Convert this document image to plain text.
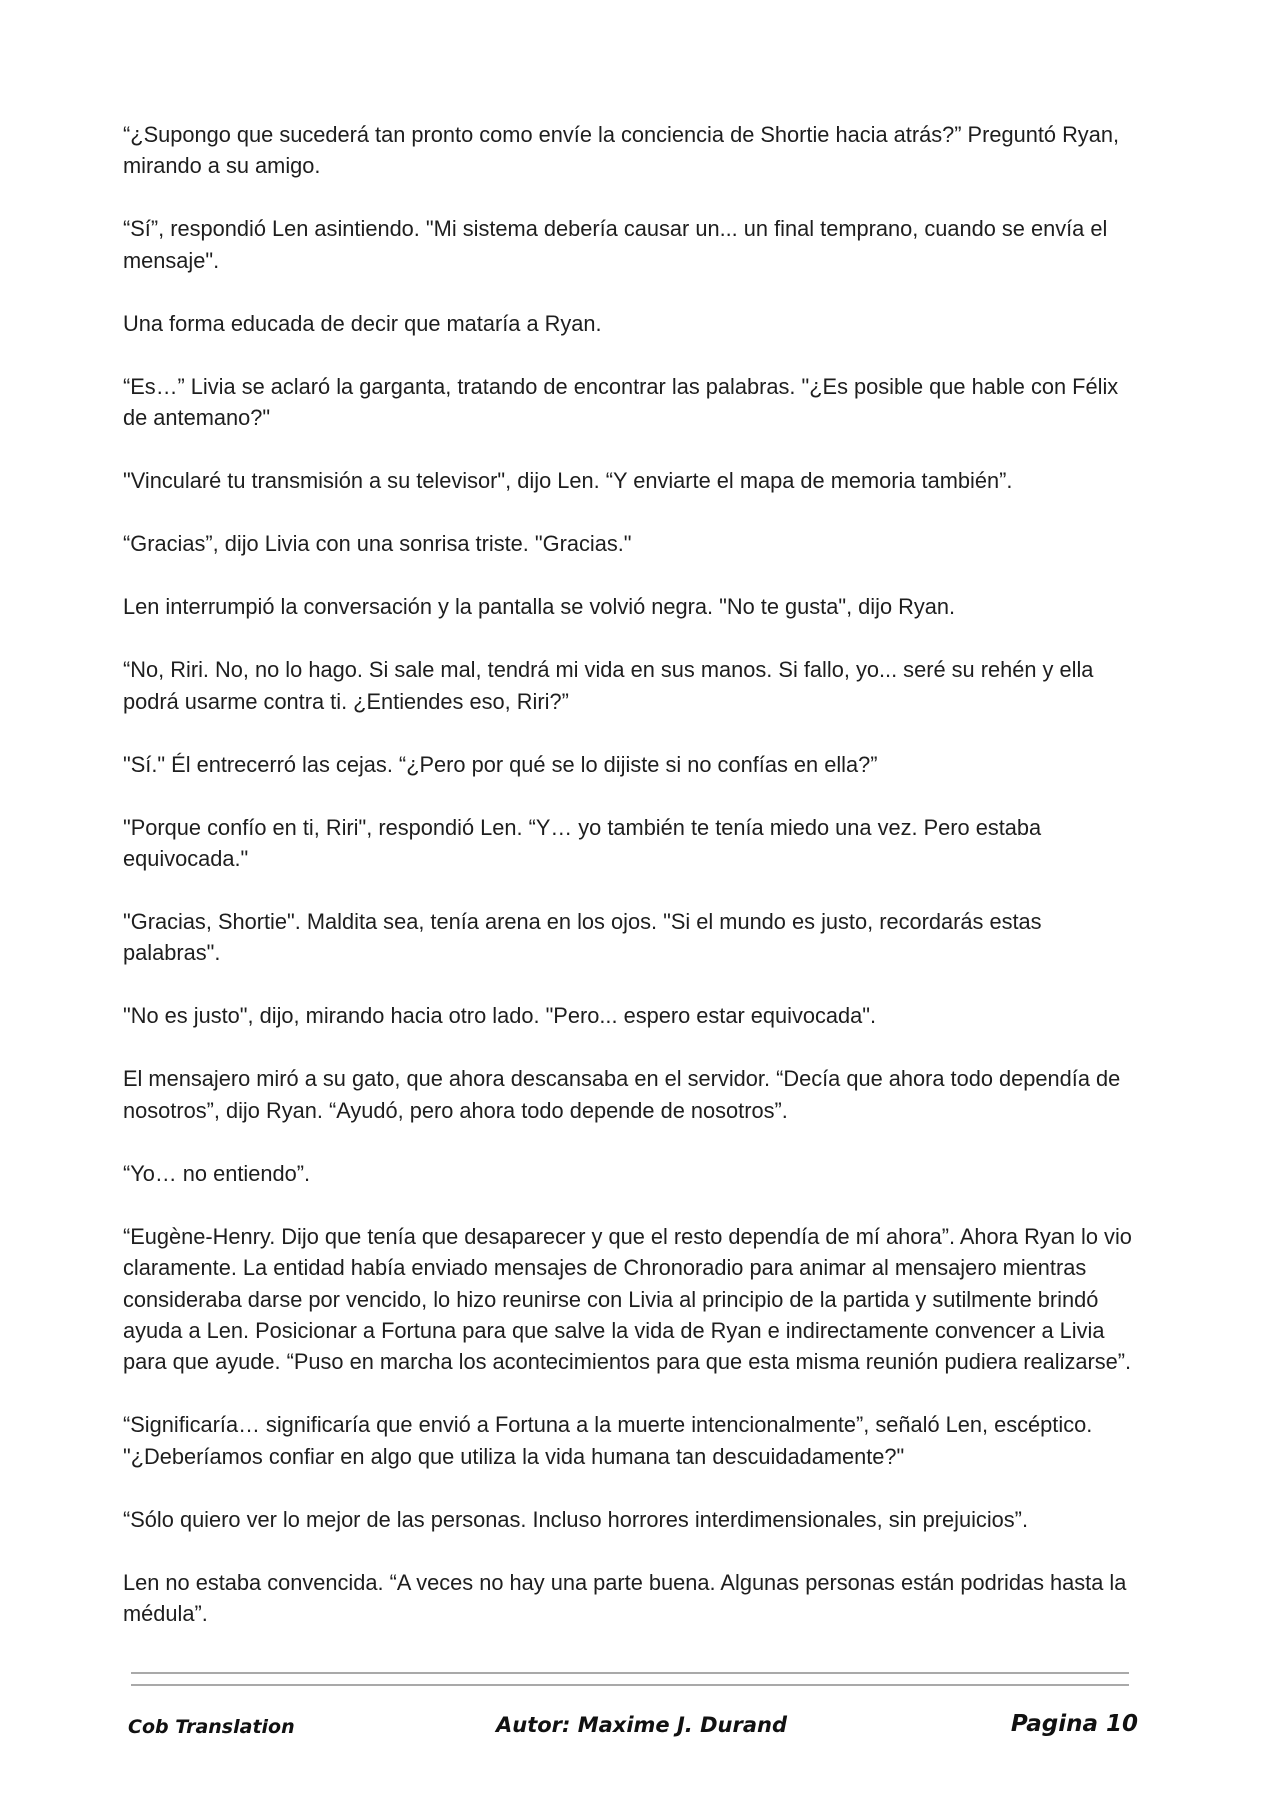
“¿Supongo que sucederá tan pronto como envíe la conciencia de Shortie hacia atrás?” Preguntó Ryan, mirando a su amigo.

“Sí”, respondió Len asintiendo. "Mi sistema debería causar un... un final temprano, cuando se envía el mensaje".

Una forma educada de decir que mataría a Ryan.

“Es…” Livia se aclaró la garganta, tratando de encontrar las palabras. "¿Es posible que hable con Félix de antemano?"

"Vincularé tu transmisión a su televisor", dijo Len. “Y enviarte el mapa de memoria también”.

“Gracias”, dijo Livia con una sonrisa triste. "Gracias."

Len interrumpió la conversación y la pantalla se volvió negra. "No te gusta", dijo Ryan.

“No, Riri. No, no lo hago. Si sale mal, tendrá mi vida en sus manos. Si fallo, yo... seré su rehén y ella podrá usarme contra ti. ¿Entiendes eso, Riri?”

"Sí." Él entrecerró las cejas. “¿Pero por qué se lo dijiste si no confías en ella?”

"Porque confío en ti, Riri", respondió Len. “Y… yo también te tenía miedo una vez. Pero estaba equivocada."

"Gracias, Shortie". Maldita sea, tenía arena en los ojos. "Si el mundo es justo, recordarás estas palabras".

"No es justo", dijo, mirando hacia otro lado. "Pero... espero estar equivocada".

El mensajero miró a su gato, que ahora descansaba en el servidor. “Decía que ahora todo dependía de nosotros”, dijo Ryan. “Ayudó, pero ahora todo depende de nosotros”.

“Yo… no entiendo”.

“Eugène-Henry. Dijo que tenía que desaparecer y que el resto dependía de mí ahora”. Ahora Ryan lo vio claramente. La entidad había enviado mensajes de Chronoradio para animar al mensajero mientras consideraba darse por vencido, lo hizo reunirse con Livia al principio de la partida y sutilmente brindó ayuda a Len. Posicionar a Fortuna para que salve la vida de Ryan e indirectamente convencer a Livia para que ayude. “Puso en marcha los acontecimientos para que esta misma reunión pudiera realizarse”.

“Significaría… significaría que envió a Fortuna a la muerte intencionalmente”, señaló Len, escéptico. "¿Deberíamos confiar en algo que utiliza la vida humana tan descuidadamente?"

“Sólo quiero ver lo mejor de las personas. Incluso horrores interdimensionales, sin prejuicios”.

Len no estaba convencida. “A veces no hay una parte buena. Algunas personas están podridas hasta la médula”.

Cob Translation	Autor: Maxime J. Durand	Pagina 10
